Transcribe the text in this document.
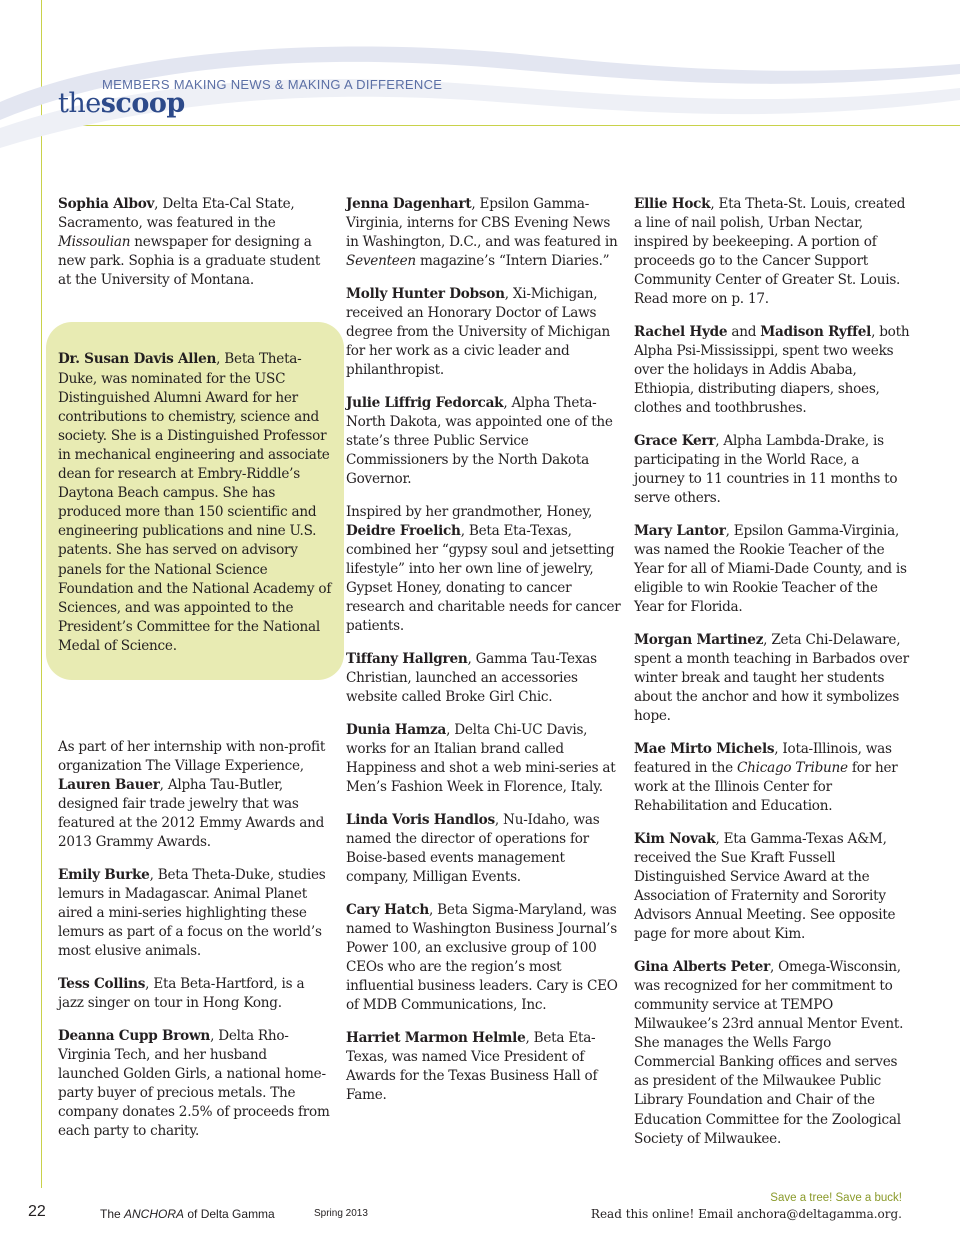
MEMBERS MAKING NEWS & MAKING A DIFFERENCE
thescoop

Sophia Albov, Delta Eta-Cal State, Sacramento, was featured in the Missoulian newspaper for designing a new park. Sophia is a graduate student at the University of Montana.

Dr. Susan Davis Allen, Beta Theta-Duke, was nominated for the USC Distinguished Alumni Award for her contributions to chemistry, science and society. She is a Distinguished Professor in mechanical engineering and associate dean for research at Embry-Riddle’s Daytona Beach campus. She has produced more than 150 scientific and engineering publications and nine U.S. patents. She has served on advisory panels for the National Science Foundation and the National Academy of Sciences, and was appointed to the President’s Committee for the National Medal of Science.

As part of her internship with non-profit organization The Village Experience, Lauren Bauer, Alpha Tau-Butler, designed fair trade jewelry that was featured at the 2012 Emmy Awards and 2013 Grammy Awards.

Emily Burke, Beta Theta-Duke, studies lemurs in Madagascar. Animal Planet aired a mini-series highlighting these lemurs as part of a focus on the world’s most elusive animals.

Tess Collins, Eta Beta-Hartford, is a jazz singer on tour in Hong Kong.

Deanna Cupp Brown, Delta Rho-Virginia Tech, and her husband launched Golden Girls, a national home-party buyer of precious metals. The company donates 2.5% of proceeds from each party to charity.

Jenna Dagenhart, Epsilon Gamma-Virginia, interns for CBS Evening News in Washington, D.C., and was featured in Seventeen magazine’s “Intern Diaries.”

Molly Hunter Dobson, Xi-Michigan, received an Honorary Doctor of Laws degree from the University of Michigan for her work as a civic leader and philanthropist.

Julie Liffrig Fedorcak, Alpha Theta-North Dakota, was appointed one of the state’s three Public Service Commissioners by the North Dakota Governor.

Inspired by her grandmother, Honey, Deidre Froelich, Beta Eta-Texas, combined her “gypsy soul and jetsetting lifestyle” into her own line of jewelry, Gypset Honey, donating to cancer research and charitable needs for cancer patients.

Tiffany Hallgren, Gamma Tau-Texas Christian, launched an accessories website called Broke Girl Chic.

Dunia Hamza, Delta Chi-UC Davis, works for an Italian brand called Happiness and shot a web mini-series at Men’s Fashion Week in Florence, Italy.

Linda Voris Handlos, Nu-Idaho, was named the director of operations for Boise-based events management company, Milligan Events.

Cary Hatch, Beta Sigma-Maryland, was named to Washington Business Journal’s Power 100, an exclusive group of 100 CEOs who are the region’s most influential business leaders. Cary is CEO of MDB Communications, Inc.

Harriet Marmon Helmle, Beta Eta-Texas, was named Vice President of Awards for the Texas Business Hall of Fame.

Ellie Hock, Eta Theta-St. Louis, created a line of nail polish, Urban Nectar, inspired by beekeeping. A portion of proceeds go to the Cancer Support Community Center of Greater St. Louis. Read more on p. 17.

Rachel Hyde and Madison Ryffel, both Alpha Psi-Mississippi, spent two weeks over the holidays in Addis Ababa, Ethiopia, distributing diapers, shoes, clothes and toothbrushes.

Grace Kerr, Alpha Lambda-Drake, is participating in the World Race, a journey to 11 countries in 11 months to serve others.

Mary Lantor, Epsilon Gamma-Virginia, was named the Rookie Teacher of the Year for all of Miami-Dade County, and is eligible to win Rookie Teacher of the Year for Florida.

Morgan Martinez, Zeta Chi-Delaware, spent a month teaching in Barbados over winter break and taught her students about the anchor and how it symbolizes hope.

Mae Mirto Michels, Iota-Illinois, was featured in the Chicago Tribune for her work at the Illinois Center for Rehabilitation and Education.

Kim Novak, Eta Gamma-Texas A&M, received the Sue Kraft Fussell Distinguished Service Award at the Association of Fraternity and Sorority Advisors Annual Meeting. See opposite page for more about Kim.

Gina Alberts Peter, Omega-Wisconsin, was recognized for her commitment to community service at TEMPO Milwaukee’s 23rd annual Mentor Event. She manages the Wells Fargo Commercial Banking offices and serves as president of the Milwaukee Public Library Foundation and Chair of the Education Committee for the Zoological Society of Milwaukee.

22	The ANCHORA of Delta Gamma	Spring 2013
Save a tree! Save a buck!
Read this online! Email anchora@deltagamma.org.
